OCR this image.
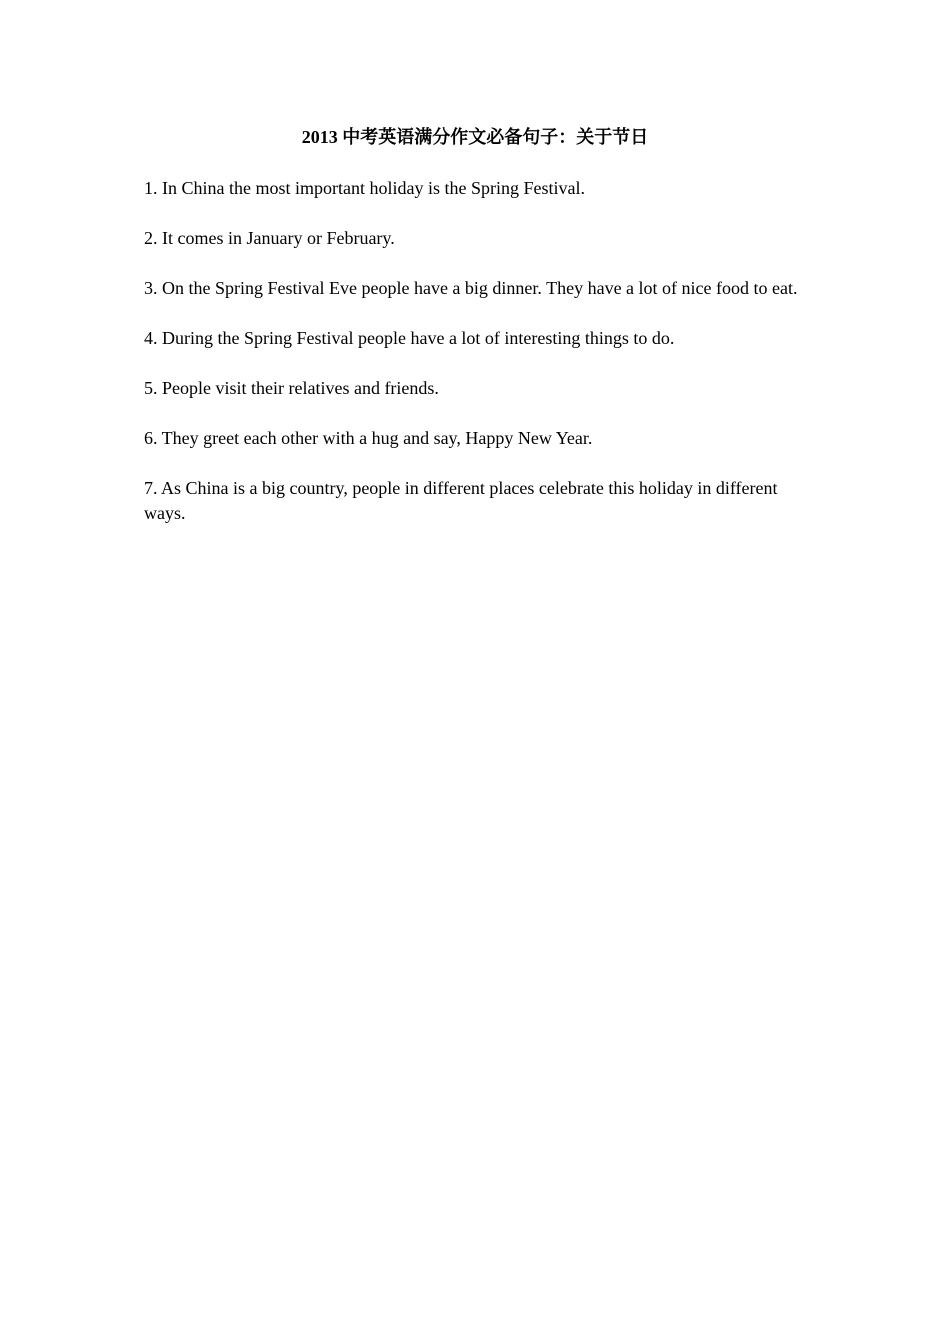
2013 中考英语满分作文必备句子：关于节日
1. In China the most important holiday is the Spring Festival.
2. It comes in January or February.
3. On the Spring Festival Eve people have a big dinner. They have a lot of nice food to eat.
4. During the Spring Festival people have a lot of interesting things to do.
5. People visit their relatives and friends.
6. They greet each other with a hug and say, Happy New Year.
7. As China is a big country, people in different places celebrate this holiday in different ways.
